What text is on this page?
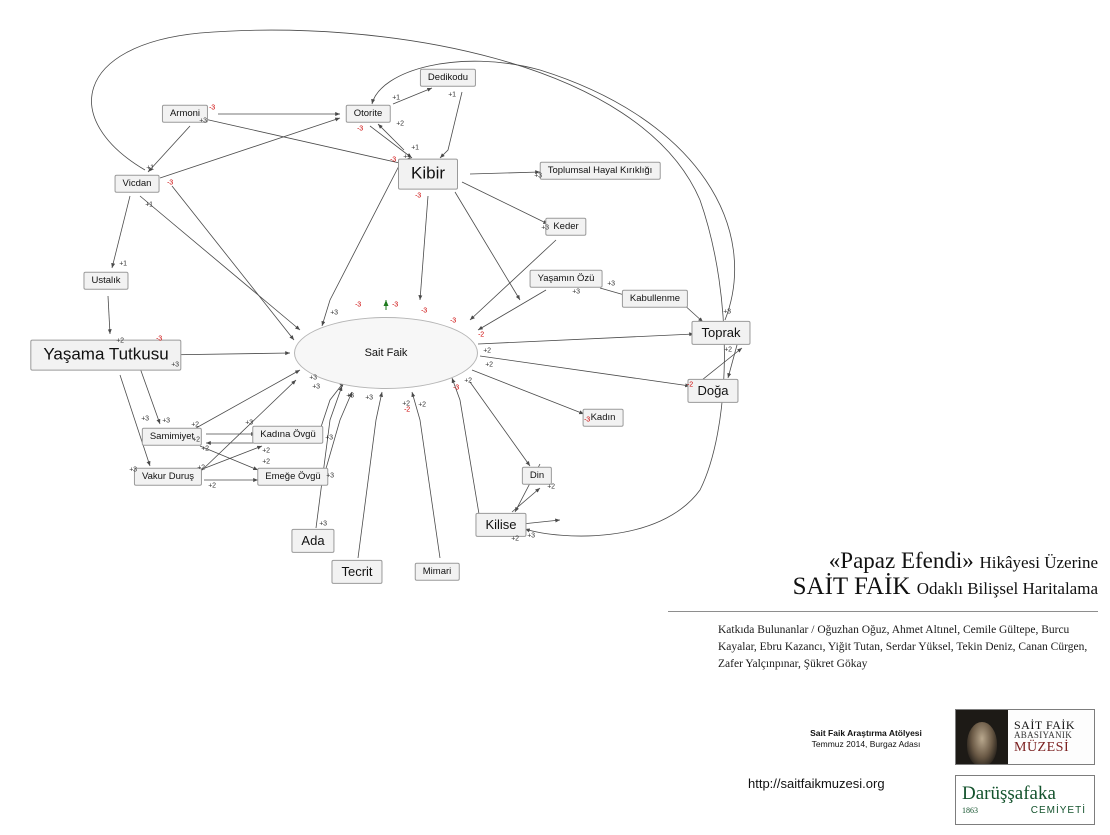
Sait Faik
Dedikodu
Armoni	Otorite
Kibir	Toplumsal Hayal Kırıklığı
Vicdan
Keder
Yaşamın Özü
Ustalık
Kabullenme
Toprak
Yaşama Tutkusu
Doğa
Kadın
Samimiyet	Kadına Övgü
Din
Vakur Duruş	Emeğe Övgü
Kilise
Ada
Mimari
Tecrit
-3
+3
+1	+1
+2
-3
+1
+1
-3
+1
-3
+3
-3
+1
+3
+3
+3
+1
+3
+3
-3	-3
-3
-3
-2
+2	-3
+3
+2	+2
+2
-2
+2
-3
+3
+3 +3
+2
-2
+2
+3
-3
+3 +3
+2	+3
+2	+3
+2	+2
+2
+3	+2
+3
+2	+2
+3
+2 +3
«Papaz Efendi» Hikâyesi Üzerine
SAİT FAİK Odaklı Bilişsel Haritalama
Katkıda Bulunanlar / Oğuzhan Oğuz, Ahmet Altınel, Cemile Gültepe, Burcu Kayalar, Ebru Kazancı, Yiğit Tutan, Serdar Yüksel, Tekin Deniz, Canan Cürgen, Zafer Yalçınpınar, Şükret Gökay
Sait Faik Araştırma Atölyesi
Temmuz 2014, Burgaz Adası
http://saitfaikmuzesi.org
SAİT FAİK
ABASIYANIK
MÜZESİ
Darüşşafaka
1863	CEMİYETİ
